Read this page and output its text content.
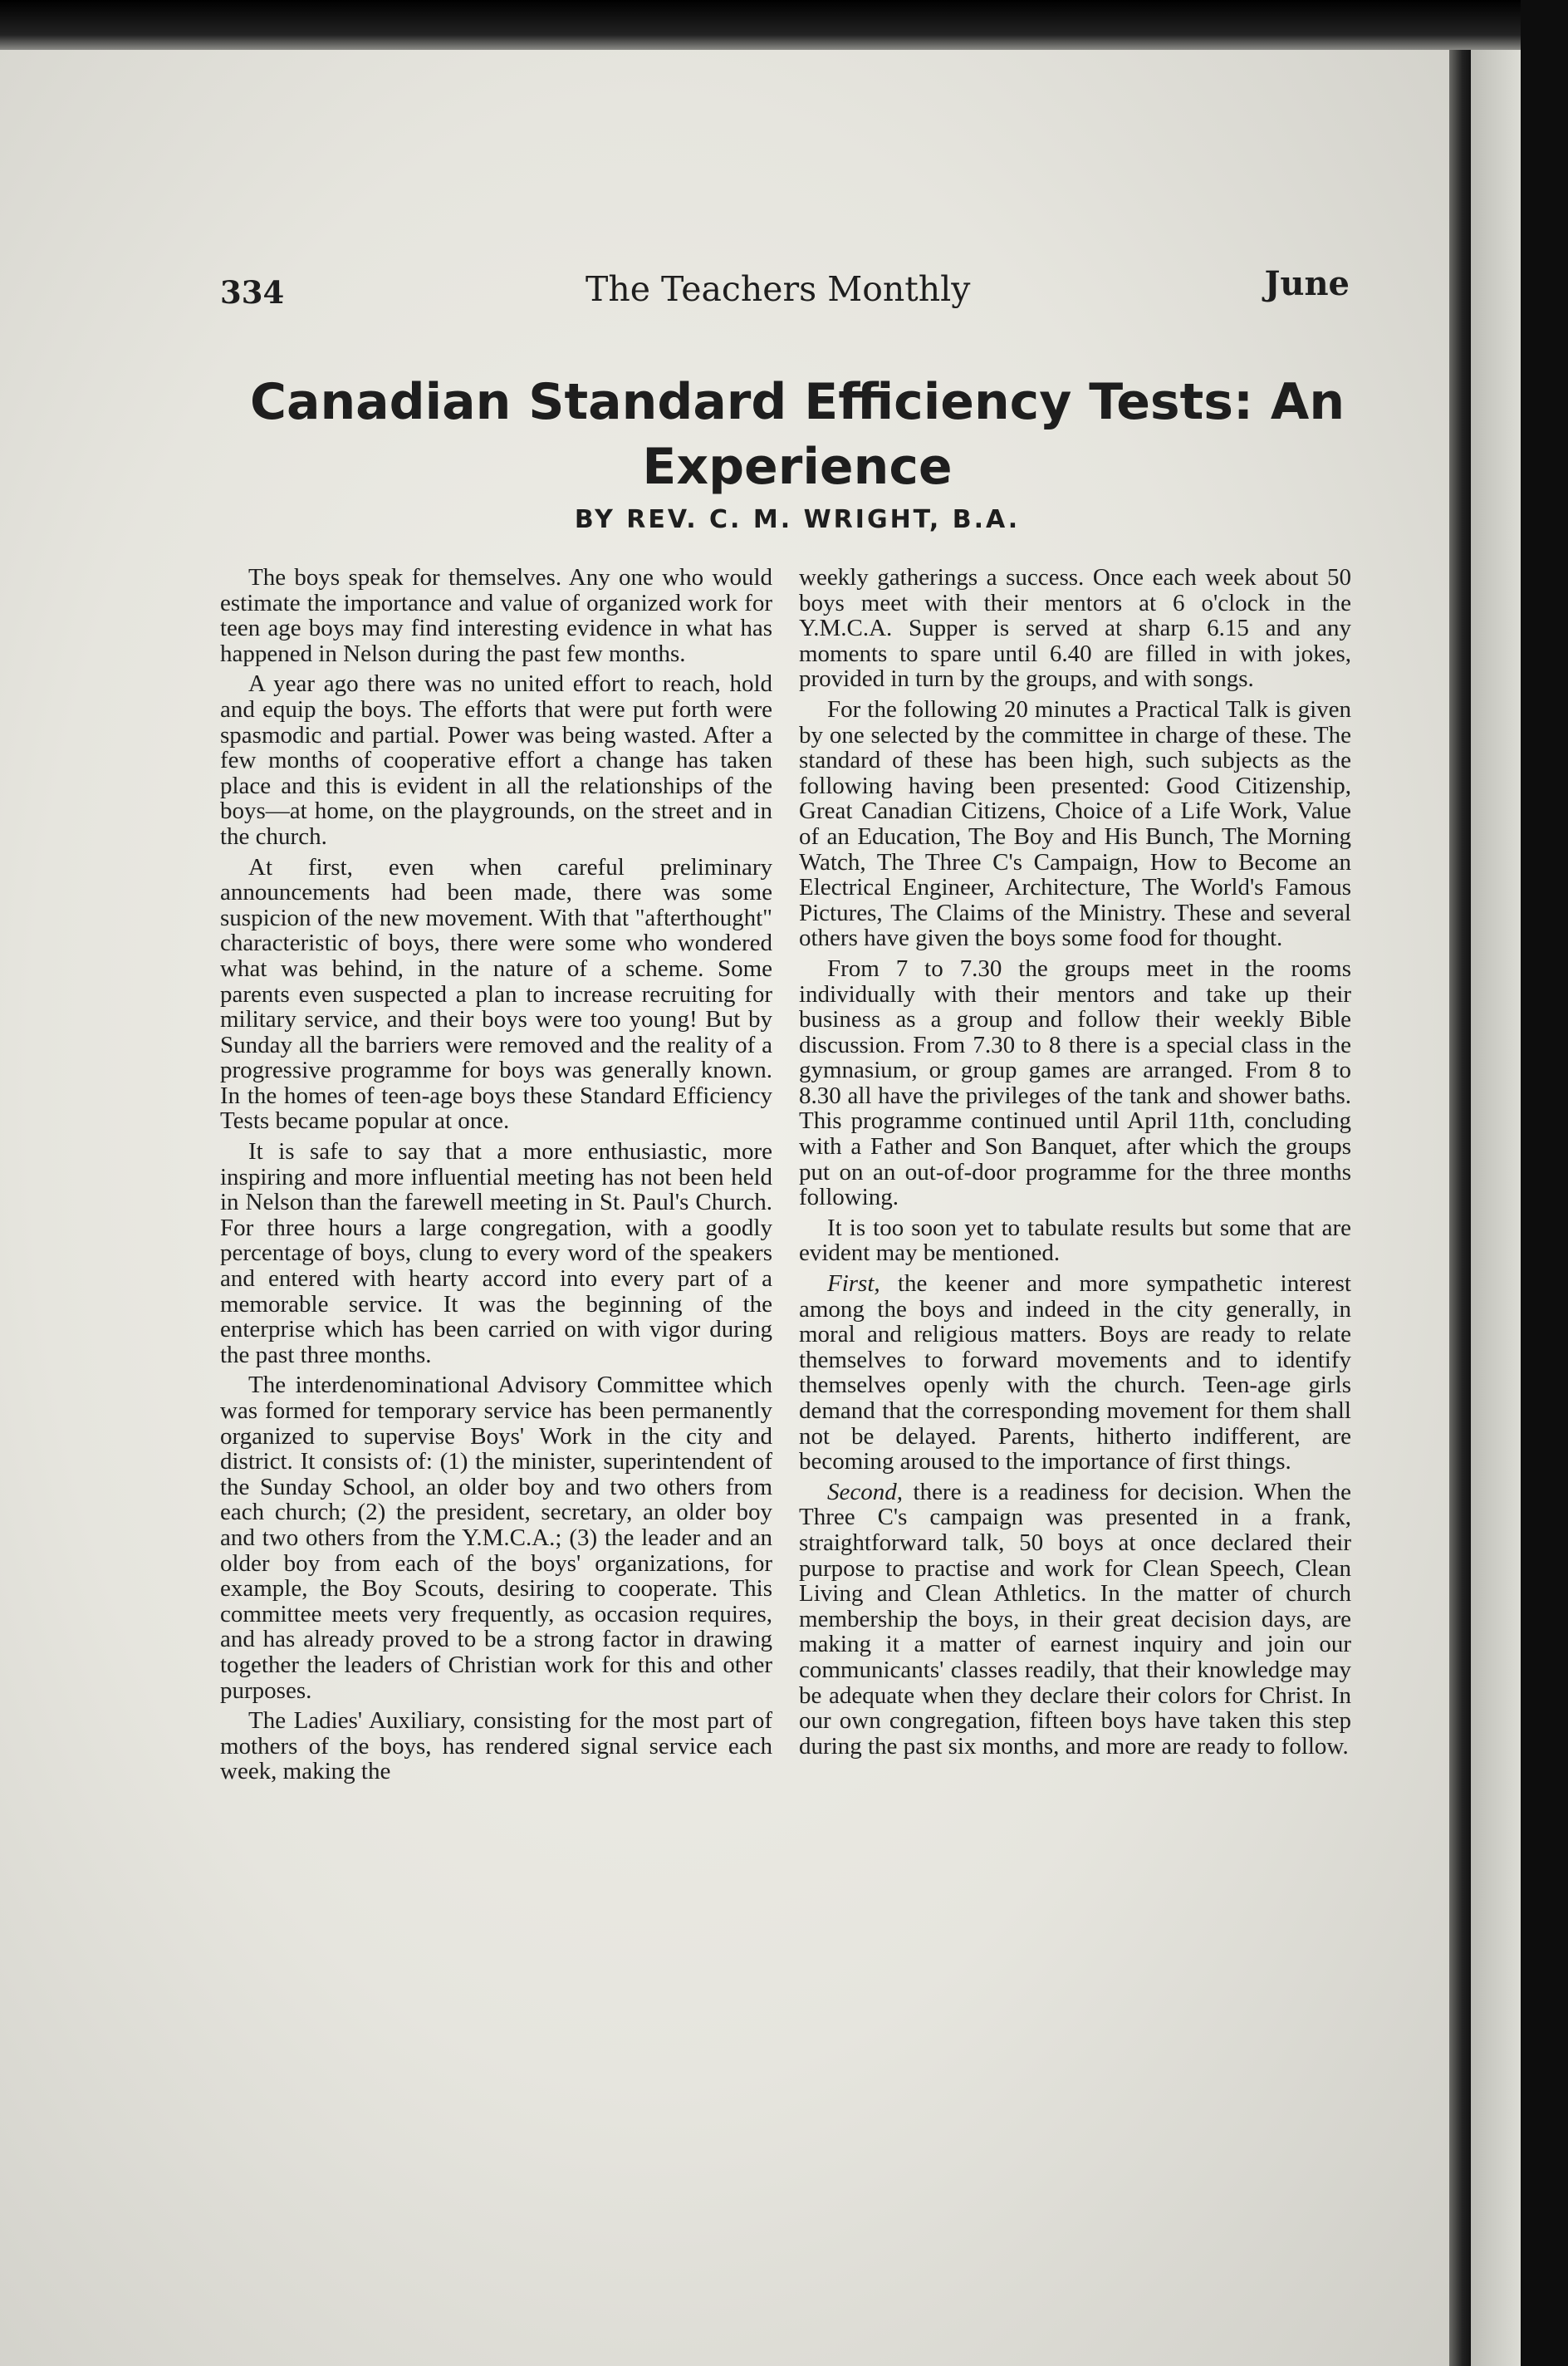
334	The Teachers Monthly	June
Canadian Standard Efficiency Tests: An Experience
BY REV. C. M. WRIGHT, B.A.

The boys speak for themselves. Any one who would estimate the importance and value of organized work for teen age boys may find interesting evidence in what has happened in Nelson during the past few months.

A year ago there was no united effort to reach, hold and equip the boys. The efforts that were put forth were spasmodic and partial. Power was being wasted. After a few months of cooperative effort a change has taken place and this is evident in all the relationships of the boys—at home, on the playgrounds, on the street and in the church.

At first, even when careful preliminary announcements had been made, there was some suspicion of the new movement. With that "afterthought" characteristic of boys, there were some who wondered what was behind, in the nature of a scheme. Some parents even suspected a plan to increase recruiting for military service, and their boys were too young! But by Sunday all the barriers were removed and the reality of a progressive programme for boys was generally known. In the homes of teen-age boys these Standard Efficiency Tests became popular at once.

It is safe to say that a more enthusiastic, more inspiring and more influential meeting has not been held in Nelson than the farewell meeting in St. Paul's Church. For three hours a large congregation, with a goodly percentage of boys, clung to every word of the speakers and entered with hearty accord into every part of a memorable service. It was the beginning of the enterprise which has been carried on with vigor during the past three months.

The interdenominational Advisory Committee which was formed for temporary service has been permanently organized to supervise Boys' Work in the city and district. It consists of: (1) the minister, superintendent of the Sunday School, an older boy and two others from each church; (2) the president, secretary, an older boy and two others from the Y.M.C.A.; (3) the leader and an older boy from each of the boys' organizations, for example, the Boy Scouts, desiring to cooperate. This committee meets very frequently, as occasion requires, and has already proved to be a strong factor in drawing together the leaders of Christian work for this and other purposes.

The Ladies' Auxiliary, consisting for the most part of mothers of the boys, has rendered signal service each week, making the

weekly gatherings a success. Once each week about 50 boys meet with their mentors at 6 o'clock in the Y.M.C.A. Supper is served at sharp 6.15 and any moments to spare until 6.40 are filled in with jokes, provided in turn by the groups, and with songs.

For the following 20 minutes a Practical Talk is given by one selected by the committee in charge of these. The standard of these has been high, such subjects as the following having been presented: Good Citizenship, Great Canadian Citizens, Choice of a Life Work, Value of an Education, The Boy and His Bunch, The Morning Watch, The Three C's Campaign, How to Become an Electrical Engineer, Architecture, The World's Famous Pictures, The Claims of the Ministry. These and several others have given the boys some food for thought.

From 7 to 7.30 the groups meet in the rooms individually with their mentors and take up their business as a group and follow their weekly Bible discussion. From 7.30 to 8 there is a special class in the gymnasium, or group games are arranged. From 8 to 8.30 all have the privileges of the tank and shower baths. This programme continued until April 11th, concluding with a Father and Son Banquet, after which the groups put on an out-of-door programme for the three months following.

It is too soon yet to tabulate results but some that are evident may be mentioned.

First, the keener and more sympathetic interest among the boys and indeed in the city generally, in moral and religious matters. Boys are ready to relate themselves to forward movements and to identify themselves openly with the church. Teen-age girls demand that the corresponding movement for them shall not be delayed. Parents, hitherto indifferent, are becoming aroused to the importance of first things.

Second, there is a readiness for decision. When the Three C's campaign was presented in a frank, straightforward talk, 50 boys at once declared their purpose to practise and work for Clean Speech, Clean Living and Clean Athletics. In the matter of church membership the boys, in their great decision days, are making it a matter of earnest inquiry and join our communicants' classes readily, that their knowledge may be adequate when they declare their colors for Christ. In our own congregation, fifteen boys have taken this step during the past six months, and more are ready to follow.
